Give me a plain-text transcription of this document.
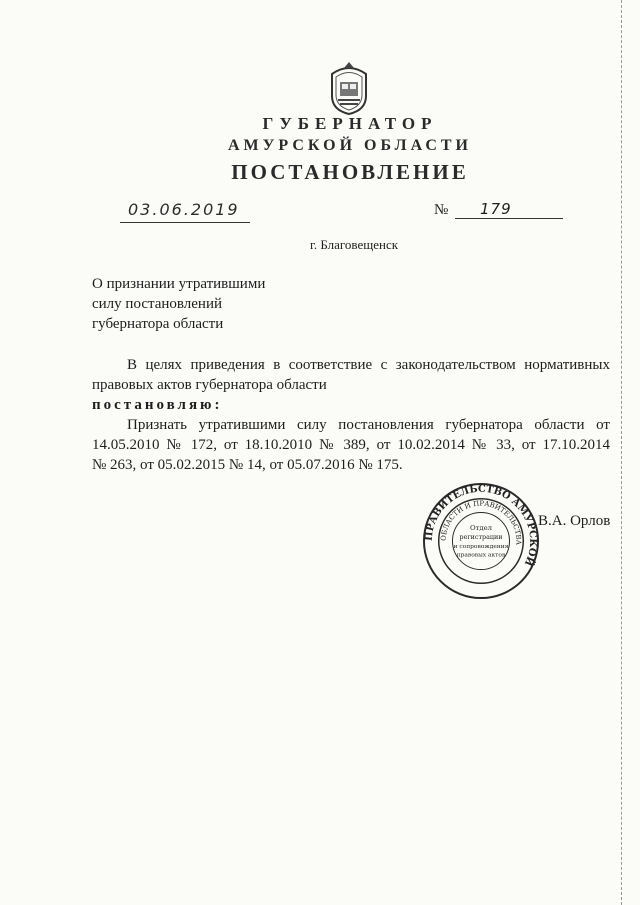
ГУБЕРНАТОР
АМУРСКОЙ ОБЛАСТИ
ПОСТАНОВЛЕНИЕ
03.06.2019	№ 179
г. Благовещенск
О признании утратившими
силу постановлений
губернатора области
В целях приведения в соответствие с законодательством нормативных
правовых актов губернатора области
постановляю:
Признать утратившими силу постановления губернатора области от
14.05.2010 № 172, от 18.10.2010 № 389, от 10.02.2014 № 33, от 17.10.2014
№ 263, от 05.02.2015 № 14, от 05.07.2016 № 175.
ПРАВИТЕЛЬСТВО АМУРСКОЙ
ОБЛАСТИ И ПРАВИТЕЛЬСТВА
Отдел
регистрации
и сопровождения
правовых актов
В.А. Орлов
